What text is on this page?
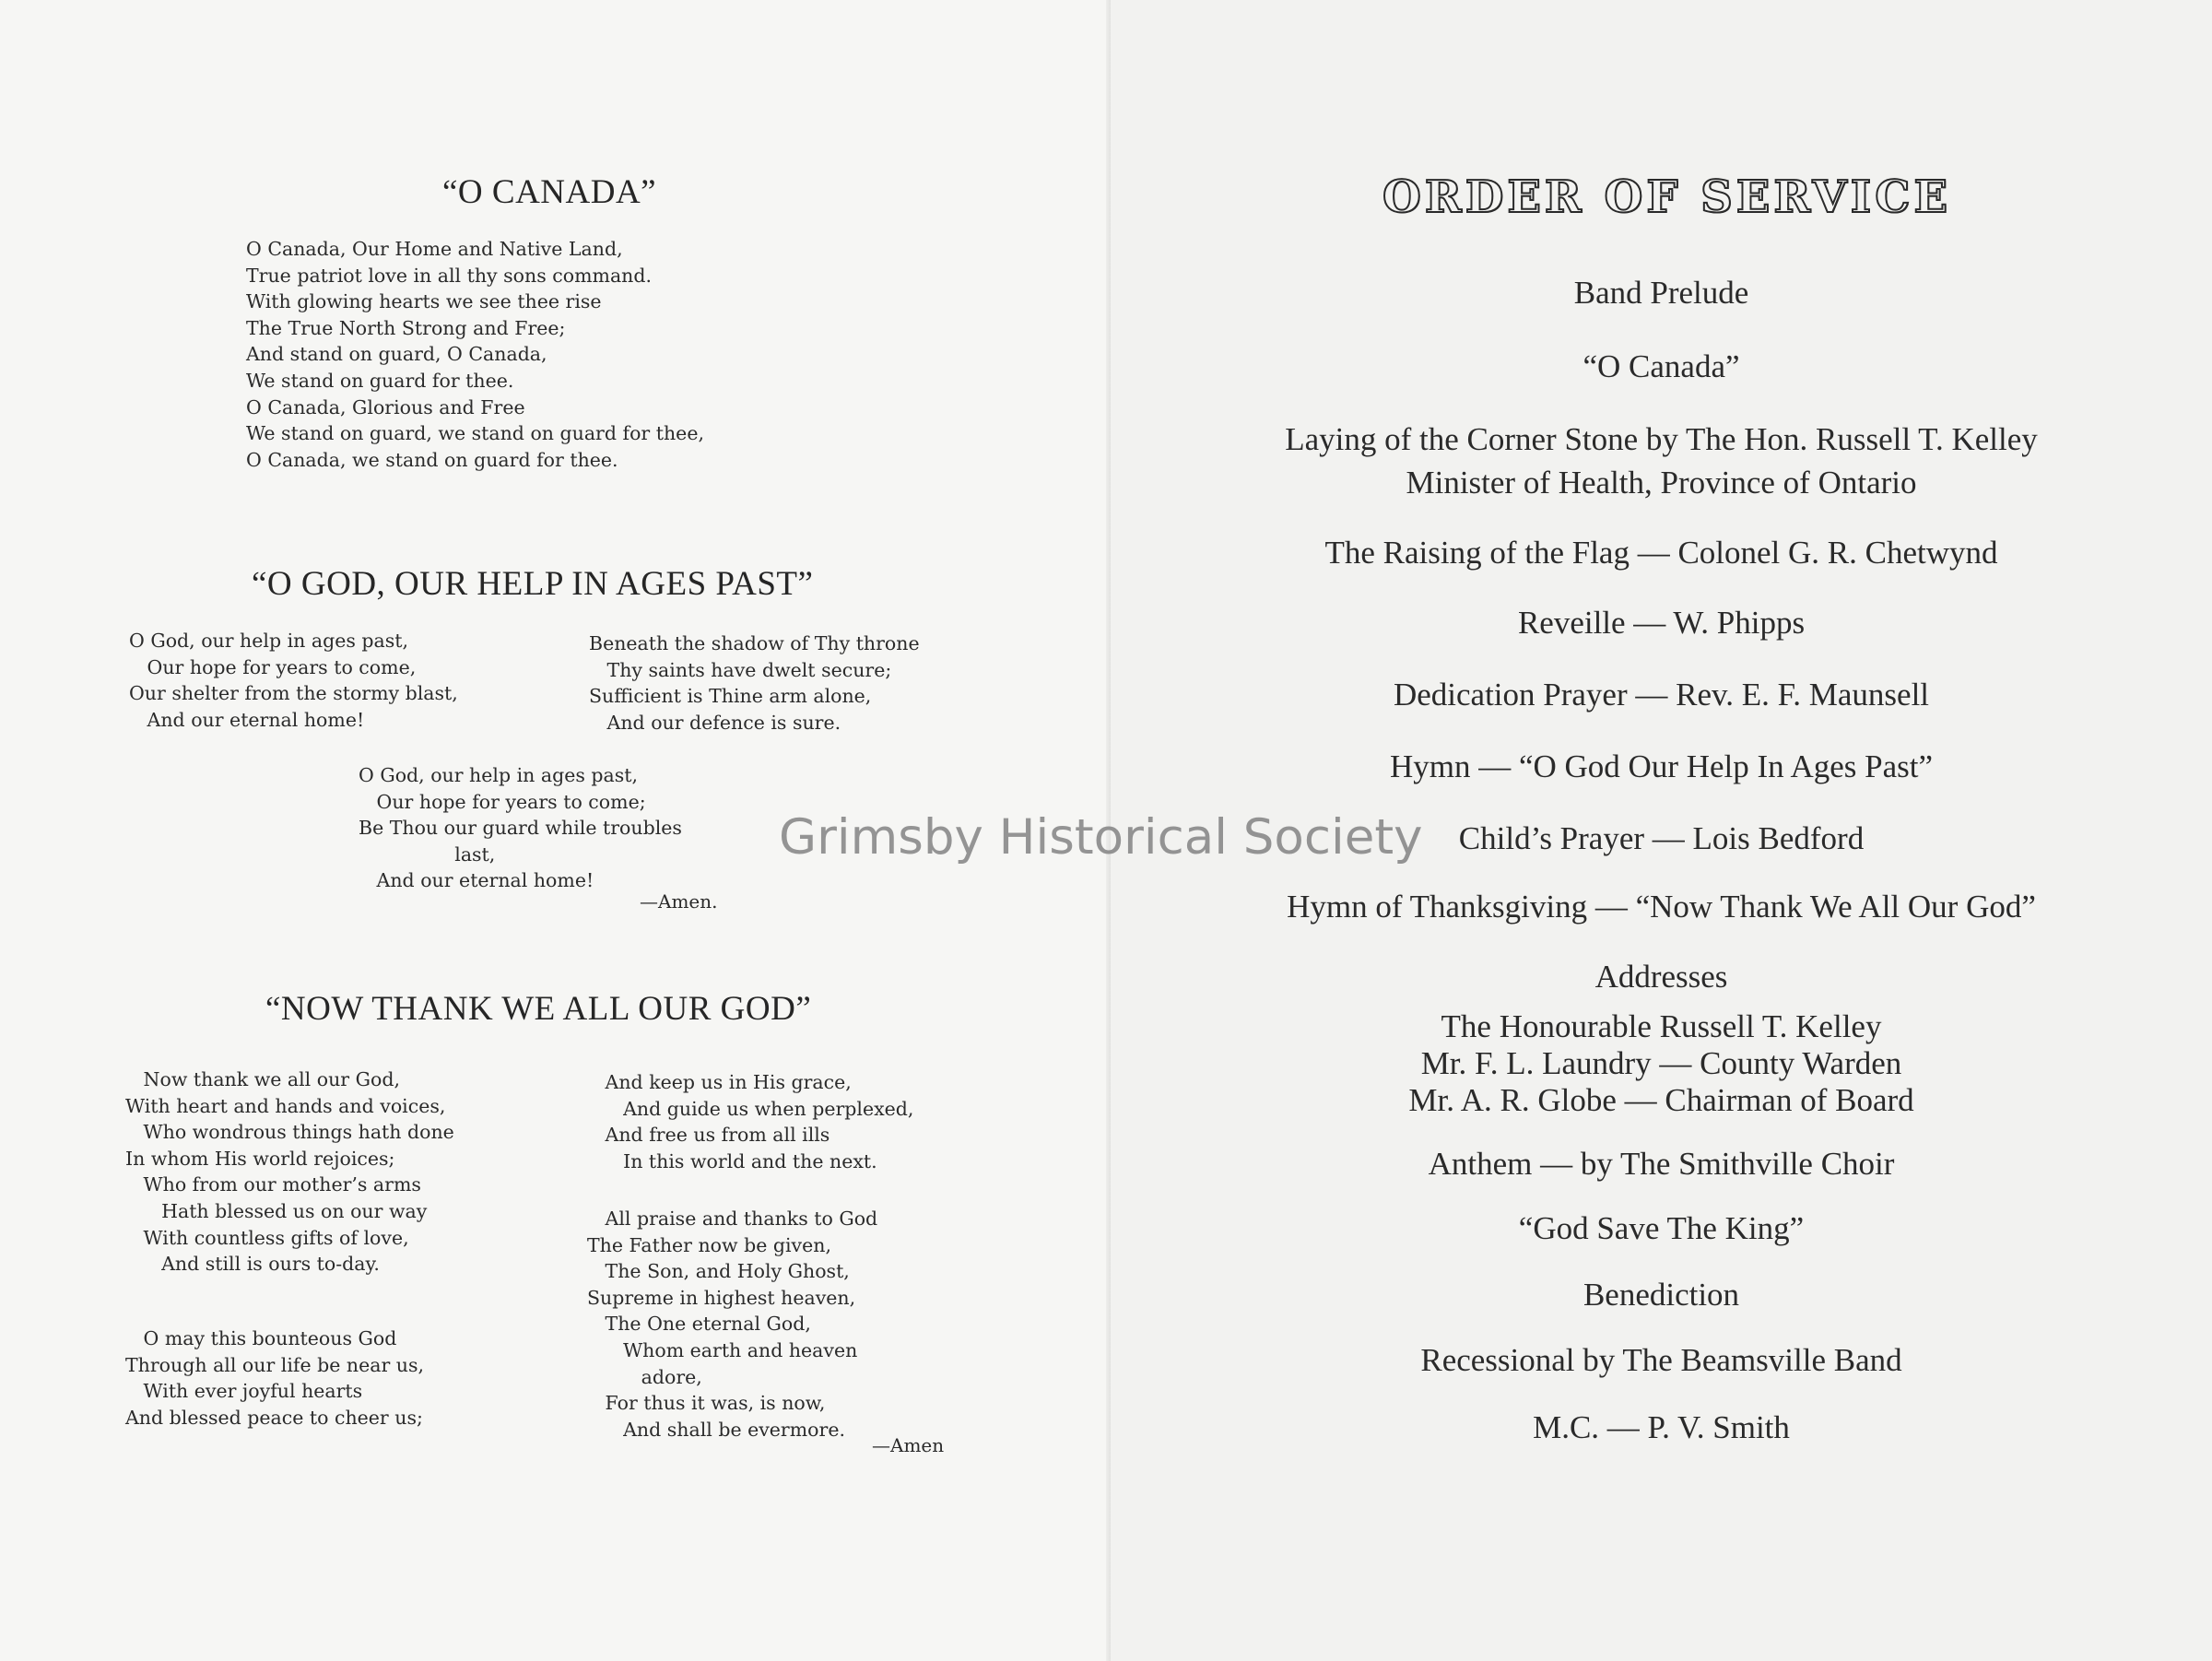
“O CANADA”
O Canada, Our Home and Native Land,
True patriot love in all thy sons command.
With glowing hearts we see thee rise
The True North Strong and Free;
And stand on guard, O Canada,
We stand on guard for thee.
O Canada, Glorious and Free
We stand on guard, we stand on guard for thee,
O Canada, we stand on guard for thee.
“O GOD, OUR HELP IN AGES PAST”
O God, our help in ages past,
Our hope for years to come,
Our shelter from the stormy blast,
And our eternal home!
Beneath the shadow of Thy throne
Thy saints have dwelt secure;
Sufficient is Thine arm alone,
And our defence is sure.
O God, our help in ages past,
Our hope for years to come;
Be Thou our guard while troubles
last,
And our eternal home!
—Amen.
“NOW THANK WE ALL OUR GOD”
Now thank we all our God,
With heart and hands and voices,
Who wondrous things hath done
In whom His world rejoices;
Who from our mother’s arms
Hath blessed us on our way
With countless gifts of love,
And still is ours to-day.
O may this bounteous God
Through all our life be near us,
With ever joyful hearts
And blessed peace to cheer us;
And keep us in His grace,
And guide us when perplexed,
And free us from all ills
In this world and the next.
All praise and thanks to God
The Father now be given,
The Son, and Holy Ghost,
Supreme in highest heaven,
The One eternal God,
Whom earth and heaven
adore,
For thus it was, is now,
And shall be evermore.
—Amen
ORDER OF SERVICE
Band Prelude
“O Canada”
Laying of the Corner Stone by The Hon. Russell T. Kelley
Minister of Health, Province of Ontario
The Raising of the Flag — Colonel G. R. Chetwynd
Reveille — W. Phipps
Dedication Prayer — Rev. E. F. Maunsell
Hymn — “O God Our Help In Ages Past”
Child’s Prayer — Lois Bedford
Hymn of Thanksgiving — “Now Thank We All Our God”
Addresses
The Honourable Russell T. Kelley
Mr. F. L. Laundry — County Warden
Mr. A. R. Globe — Chairman of Board
Anthem — by The Smithville Choir
“God Save The King”
Benediction
Recessional by The Beamsville Band
M.C. — P. V. Smith
Grimsby Historical Society
